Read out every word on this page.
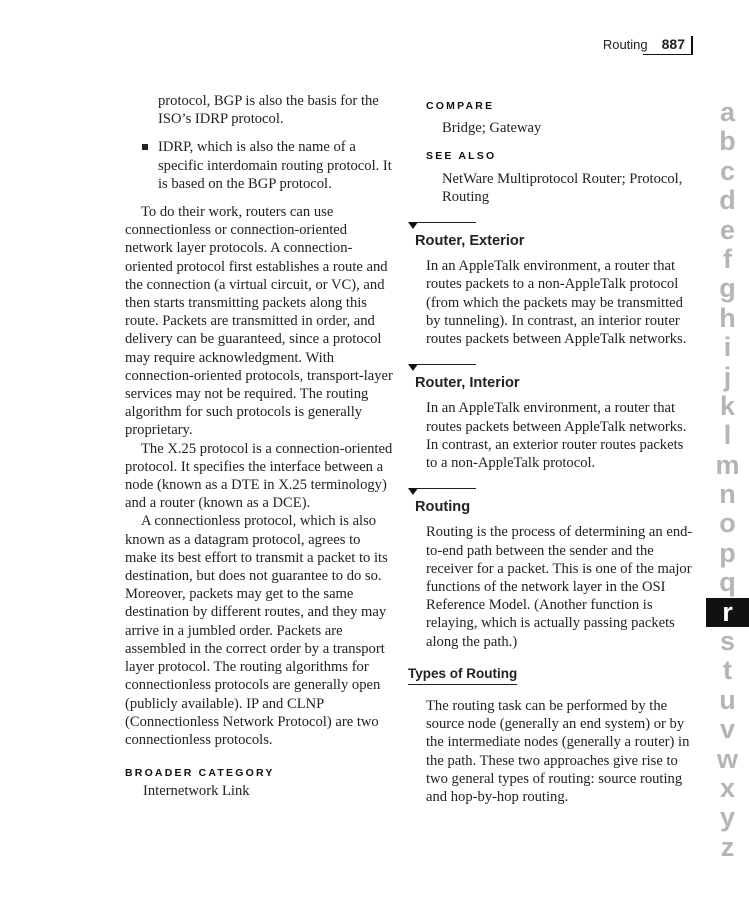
Routing 887

protocol, BGP is also the basis for the ISO’s IDRP protocol.

IDRP, which is also the name of a specific interdomain routing protocol. It is based on the BGP protocol.

To do their work, routers can use connectionless or connection-oriented network layer protocols. A connection-oriented protocol first establishes a route and the connection (a virtual circuit, or VC), and then starts transmitting packets along this route. Packets are transmitted in order, and delivery can be guaranteed, since a protocol may require acknowledgment. With connection-oriented protocols, transport-layer services may not be required. The routing algorithm for such protocols is generally proprietary.

The X.25 protocol is a connection-oriented protocol. It specifies the interface between a node (known as a DTE in X.25 terminology) and a router (known as a DCE).

A connectionless protocol, which is also known as a datagram protocol, agrees to make its best effort to transmit a packet to its destination, but does not guarantee to do so. Moreover, packets may get to the same destination by different routes, and they may arrive in a jumbled order. Packets are assembled in the correct order by a transport layer protocol. The routing algorithms for connectionless protocols are generally open (publicly available). IP and CLNP (Connectionless Network Protocol) are two connectionless protocols.

BROADER CATEGORY

Internetwork Link

COMPARE

Bridge; Gateway

SEE ALSO

NetWare Multiprotocol Router; Protocol, Routing

Router, Exterior

In an AppleTalk environment, a router that routes packets to a non-AppleTalk protocol (from which the packets may be transmitted by tunneling). In contrast, an interior router routes packets between AppleTalk networks.

Router, Interior

In an AppleTalk environment, a router that routes packets between AppleTalk networks. In contrast, an exterior router routes packets to a non-AppleTalk protocol.

Routing

Routing is the process of determining an end-to-end path between the sender and the receiver for a packet. This is one of the major functions of the network layer in the OSI Reference Model. (Another function is relaying, which is actually passing packets along the path.)

Types of Routing

The routing task can be performed by the source node (generally an end system) or by the intermediate nodes (generally a router) in the path. These two approaches give rise to two general types of routing: source routing and hop-by-hop routing.

a
b
c
d
e
f
g
h
i
j
k
l
m
n
o
p
q
r
s
t
u
v
w
x
y
z
